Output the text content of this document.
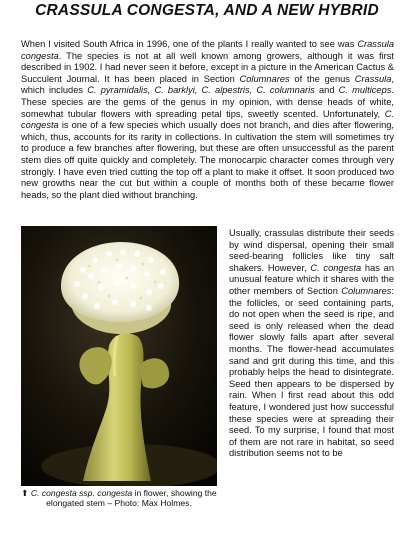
CRASSULA CONGESTA, AND A NEW HYBRID

When I visited South Africa in 1996, one of the plants I really wanted to see was Crassula congesta. The species is not at all well known among growers, although it was first described in 1902. I had never seen it before, except in a picture in the American Cactus & Succulent Journal. It has been placed in Section Columnares of the genus Crassula, which includes C. pyramidalis, C. barklyi, C. alpestris, C. columnaris and C. multiceps. These species are the gems of the genus in my opinion, with dense heads of white, somewhat tubular flowers with spreading petal tips, sweetly scented. Unfortunately, C. congesta is one of a few species which usually does not branch, and dies after flowering, which, thus, accounts for its rarity in collections. In cultivation the stem will sometimes try to produce a few branches after flowering, but these are often unsuccessful as the parent stem dies off quite quickly and completely. The monocarpic character comes through very strongly. I have even tried cutting the top off a plant to make it offset. It soon produced two new growths near the cut but within a couple of months both of these became flower heads, so the plant died without branching.

⬆ C. congesta ssp. congesta in flower, showing the elongated stem – Photo: Max Holmes.

Usually, crassulas distribute their seeds by wind dispersal, opening their small seed-bearing follicles like tiny salt shakers. However, C. congesta has an unusual feature which it shares with the other members of Section Columnares: the follicles, or seed containing parts, do not open when the seed is ripe, and seed is only released when the dead flower slowly falls apart after several months. The flower-head accumulates sand and grit during this time, and this probably helps the head to disintegrate. Seed then appears to be dispersed by rain. When I first read about this odd feature, I wondered just how successful these species were at spreading their seed. To my surprise, I found that most of them are not rare in habitat, so seed distribution seems not to be
